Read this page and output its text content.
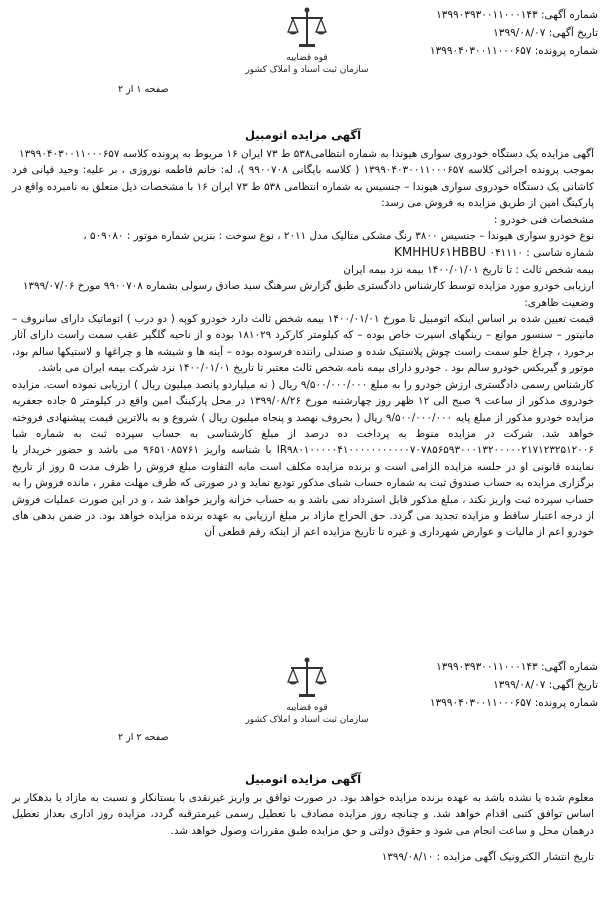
شماره آگهی: ۱۳۹۹۰۳۹۳۰۰۱۱۰۰۰۱۴۳
تاریخ آگهی: ۱۳۹۹/۰۸/۰۷
شماره پرونده: ۱۳۹۹۰۴۰۳۰۰۱۱۰۰۰۶۵۷
قوه قضاییه
سازمان ثبت اسناد و املاک کشور
صفحه ۱ از ۲
آگهی مزایده اتومبیل

آگهی مزایده یک دستگاه خودروی سواری هیوندا به شماره انتظامی۵۳۸ ط ۷۳ ایران ۱۶ مربوط به پرونده کلاسه ۱۳۹۹۰۴۰۳۰۰۱۱۰۰۰۶۵۷

بموجب پرونده اجرائی کلاسه ۱۳۹۹۰۴۰۳۰۰۱۱۰۰۰۶۵۷ ( کلاسه بایگانی ۹۹۰۰۷۰۸ )، له: خانم فاطمه نوروزی ، بر علیه: وحید قپانی فرد کاشانی یک دستگاه خودروی سواری هیوندا – جنسیس به شماره انتظامی ۵۳۸ ط ۷۳ ایران ۱۶ با مشخصات ذیل متعلق به نامبرده واقع در پارکینگ امین از طریق مزایده به فروش می رسد:

مشخصات فنی خودرو :

نوع خودرو سواری هیوندا – جنسیس ۳۸۰۰ رنگ مشکی متالیک مدل ۲۰۱۱ ، نوع سوخت : بنزین شماره موتور : ۵۰۹۰۸۰ ،

شماره شاسی : ۰۴۱۱۱۰ KMHHU۶۱HBBU

بیمه شخص ثالث : تا تاریخ ۱۴۰۰/۰۱/۰۱ بیمه نزد بیمه ایران

ارزیابی خودرو مورد مزایده توسط کارشناس دادگستری طبق گزارش سرهنگ سید صادق رسولی بشماره ۹۹۰۰۷۰۸ مورخ ۱۳۹۹/۰۷/۰۶

وضعیت ظاهری:

قیمت تعیین شده بر اساس اینکه اتومبیل تا مورخ ۱۴۰۰/۰۱/۰۱ بیمه شخص ثالث دارد خودرو کوپه ( دو درب ) اتوماتیک دارای سانروف – مانیتور – سنسور موانع – رینگهای اسپرت خاص بوده – که کیلومتر کارکرد ۱۸۱۰۲۹ بوده و از ناحیه گلگیر عقب سمت راست دارای آثار برخورد ، چراغ جلو سمت راست چوش پلاستیک شده و صندلی راننده فرسوده بوده – آینه ها و شیشه ها و چراغها و لاستیکها سالم بود، موتور و گیربکس خودرو سالم بود . خودرو دارای بیمه نامه شخص ثالث معتبر تا تاریخ ۱۴۰۰/۰۱/۰۱ نزد شرکت بیمه ایران می باشد.

کارشناس رسمی دادگستری ارزش خودرو را به مبلغ ۹/۵۰۰/۰۰۰/۰۰۰ ریال ( نه میلیاردو پانصد میلیون ریال ) ارزیابی نموده است. مزایده خودروی مذکور از ساعت ۹ صبح الی ۱۲ ظهر روز چهارشنبه مورخ ۱۳۹۹/۰۸/۲۶ در محل پارکینگ امین واقع در کیلومتر ۵ جاده جعفریه مزایده خودرو مذکور از مبلغ پایه ۹/۵۰۰/۰۰۰/۰۰۰ ریال ( بحروف نهصد و پنجاه میلیون ریال ) شروع و به بالاترین قیمت پیشنهادی فروخته خواهد شد. شرکت در مزایده منوط به پرداخت ده درصد از مبلغ کارشناسی به حساب سپرده ثبت به شماره شبا IR۹۸۰۱۰۰۰۰۰۴۱۰۰۰۰۰۰۰۰۰۰۰۷۰۷۸۵۶۵۹۳۰۰۰۱۳۲۰۰۰۰۰۲۱۷۱۲۳۲۵۱۲۰۰۶ با شناسه واریز ۹۶۵۱۰۸۵۷۶۱ می باشد و حضور خریدار یا نماینده قانونی او در جلسه مزایده الزامی است و برنده مزایده مکلف است مابه التفاوت مبلغ فروش را ظرف مدت ۵ روز از تاریخ برگزاری مزایده به حساب صندوق ثبت به شماره حساب شبای مذکور تودیع نماید و در صورتی که ظرف مهلت مقرر ، مانده فروش را به حساب سپرده ثبت واریز نکند ، مبلغ مذکور قابل استرداد نمی باشد و به حساب خزانه واریز خواهد شد ، و در این صورت عملیات فروش از درجه اعتبار ساقط و مزایده تجدید می گردد. حق الحراج مازاد بر مبلغ ارزیابی به عهده برنده مزایده خواهد بود. در ضمن بدهی های خودرو اعم از مالیات و عوارض شهرداری و غیره تا تاریخ مزایده اعم از اینکه رقم قطعی آن

شماره آگهی: ۱۳۹۹۰۳۹۳۰۰۱۱۰۰۰۱۴۳
تاریخ آگهی: ۱۳۹۹/۰۸/۰۷
شماره پرونده: ۱۳۹۹۰۴۰۳۰۰۱۱۰۰۰۶۵۷
قوه قضاییه
سازمان ثبت اسناد و املاک کشور
صفحه ۲ از ۲
آگهی مزایده اتومبیل

معلوم شده یا نشده باشد به عهده برنده مزایده خواهد بود. در صورت تواقق بر واریز غیرنقدی با بستانکار و نسبت به مازاد یا بدهکار بر اساس توافق کتبی اقدام خواهد شد. و چنانچه روز مزایده مصادف با تعطیل رسمی غیرمترقبه گردد، مزایده روز اداری بعداز تعطیل درهمان محل و ساعت انجام می شود و حقوق دولتی و حق مزایده طبق مقررات وصول خواهد شد.

تاریخ انتشار الکترونیک آگهی مزایده : ۱۳۹۹/۰۸/۱۰
